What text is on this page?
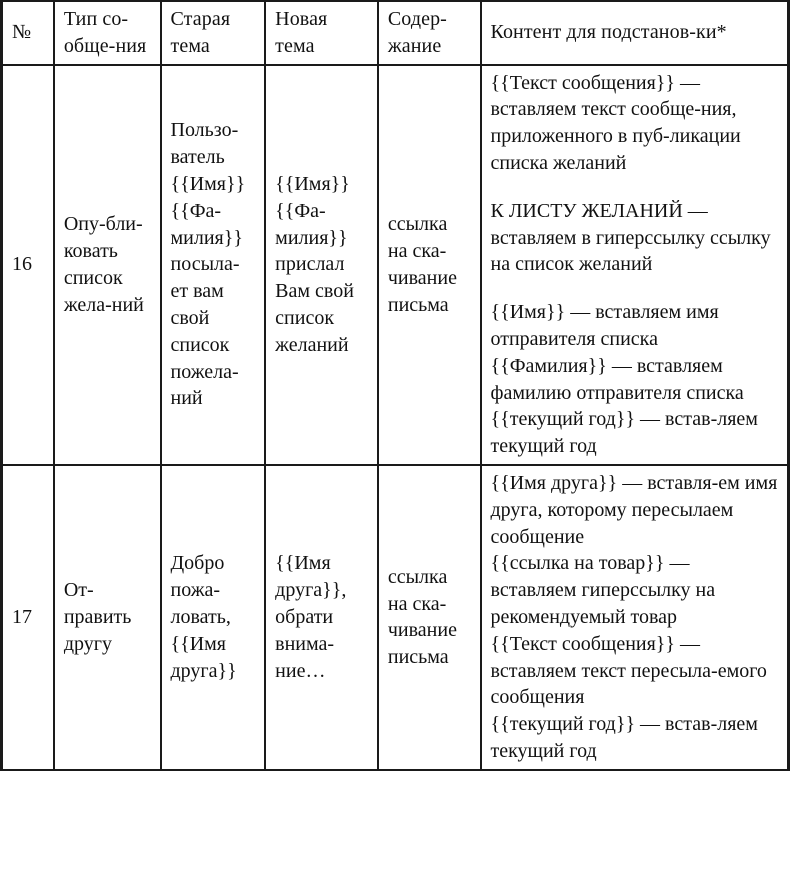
№	Тип со-обще-ния	Старая тема	Новая тема	Содер-жание	Контент для подстанов-ки*
16	Опу-бли-ковать список жела-ний	Пользо-ватель {{Имя}} {{Фа-милия}} посыла-ет вам свой список пожела-ний	{{Имя}} {{Фа-милия}} прислал Вам свой список желаний	ссылка на ска-чивание письма	{{Текст сообщения}} — вставляем текст сообще-ния, приложенного в пуб-ликации списка желаний

К ЛИСТУ ЖЕЛАНИЙ — вставляем в гиперссылку ссылку на список желаний

{{Имя}} — вставляем имя отправителя списка

{{Фамилия}} — вставляем фамилию отправителя списка

{{текущий год}} — встав-ляем текущий год

17	От-править другу	Добро пожа-ловать, {{Имя друга}}	{{Имя друга}}, обрати внима-ние…	ссылка на ска-чивание письма	{{Имя друга}} — вставля-ем имя друга, которому пересылаем сообщение

{{ссылка на товар}} — вставляем гиперссылку на рекомендуемый товар

{{Текст сообщения}} — вставляем текст пересыла-емого сообщения

{{текущий год}} — встав-ляем текущий год
